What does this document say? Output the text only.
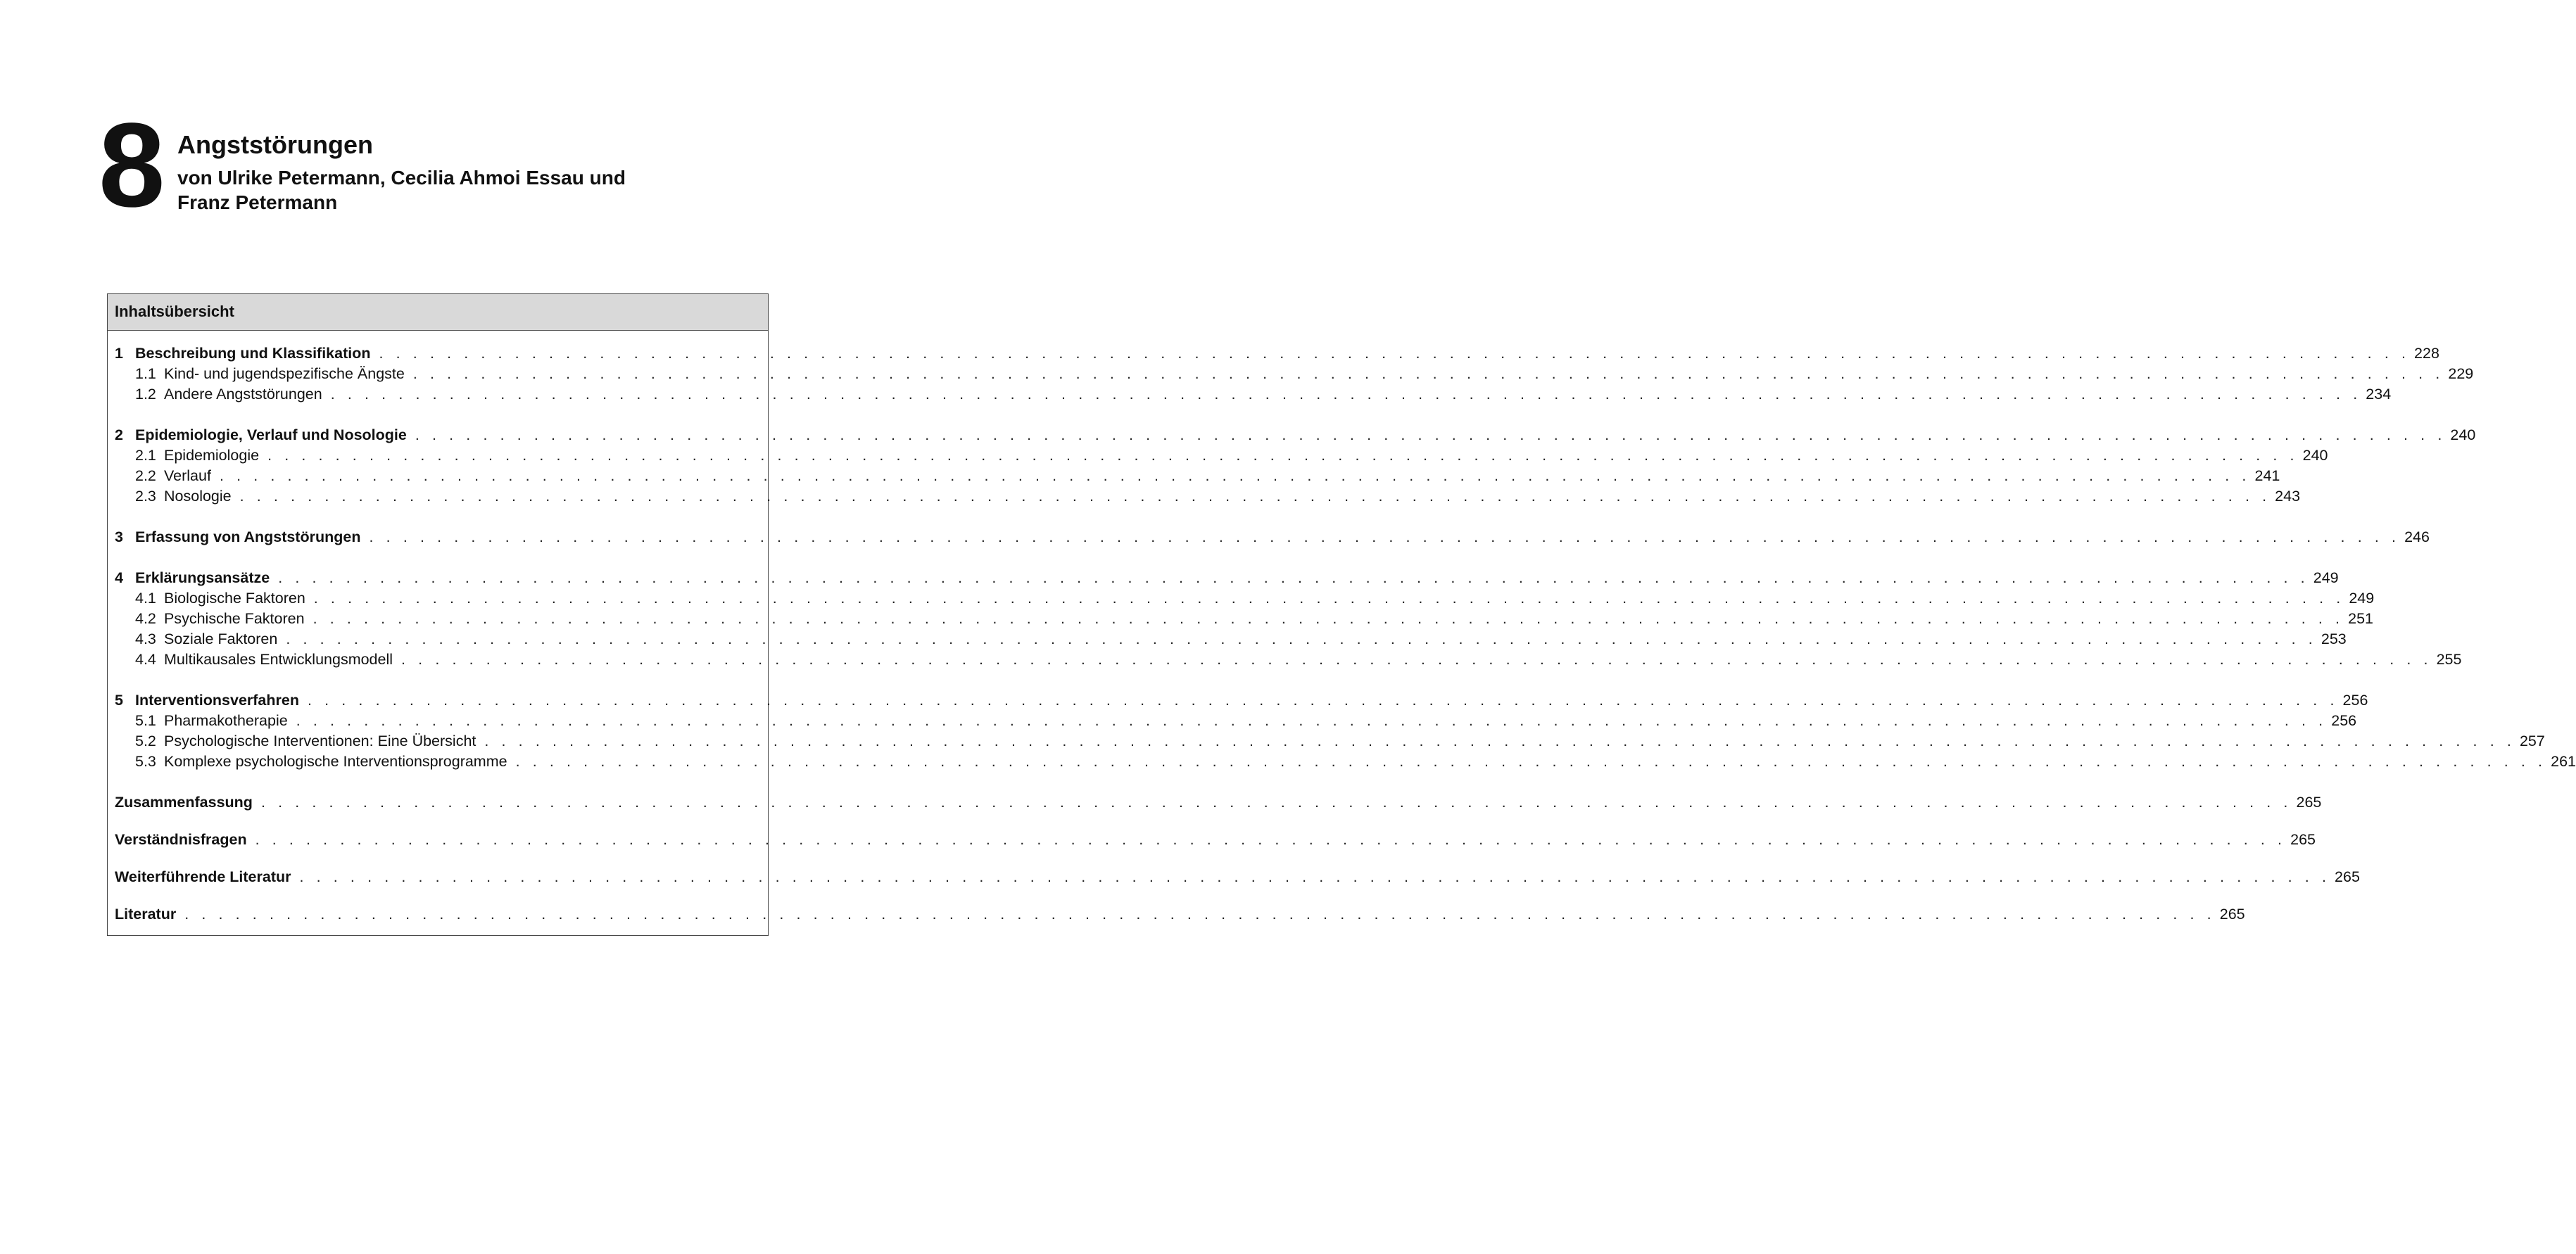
8 Angststörungen
von Ulrike Petermann, Cecilia Ahmoi Essau und
Franz Petermann
Inhaltsübersicht
1 Beschreibung und Klassifikation . . . . . . . . . . . . . . . . . . . . . . . . . . . . . . . . . . . . . . . . . . . . . . . . . . . . . . . . . . . . . . . . . . . . . . . . . . . . . . . . . . . . . . . . . . . . . . . . . . . . . . . . . . . . . . . . . . . . . . . . 228
1.1 Kind- und jugendspezifische Ängste . . . . . . . . . . . . . . . . . . . . . . . . . . . . . . . . . . . . . . . . . . . . . . . . . . . . . . . . . . . . . . . . . . . . . . . . . . . . . . . . . . . . . . . . . . . . . . . . . . . . . . . . . . . . . . . . . . . . . . . . 229
1.2 Andere Angststörungen . . . . . . . . . . . . . . . . . . . . . . . . . . . . . . . . . . . . . . . . . . . . . . . . . . . . . . . . . . . . . . . . . . . . . . . . . . . . . . . . . . . . . . . . . . . . . . . . . . . . . . . . . . . . . . . . . . . . . . . . 234
2 Epidemiologie, Verlauf und Nosologie . . . . . . . . . . . . . . . . . . . . . . . . . . . . . . . . . . . . . . . . . . . . . . . . . . . . . . . . . . . . . . . . . . . . . . . . . . . . . . . . . . . . . . . . . . . . . . . . . . . . . . . . . . . . . . . . . . . . . . . . 240
2.1 Epidemiologie . . . . . . . . . . . . . . . . . . . . . . . . . . . . . . . . . . . . . . . . . . . . . . . . . . . . . . . . . . . . . . . . . . . . . . . . . . . . . . . . . . . . . . . . . . . . . . . . . . . . . . . . . . . . . . . . . . . . . . . . 240
2.2 Verlauf . . . . . . . . . . . . . . . . . . . . . . . . . . . . . . . . . . . . . . . . . . . . . . . . . . . . . . . . . . . . . . . . . . . . . . . . . . . . . . . . . . . . . . . . . . . . . . . . . . . . . . . . . . . . . . . . . . . . . . . . 241
2.3 Nosologie . . . . . . . . . . . . . . . . . . . . . . . . . . . . . . . . . . . . . . . . . . . . . . . . . . . . . . . . . . . . . . . . . . . . . . . . . . . . . . . . . . . . . . . . . . . . . . . . . . . . . . . . . . . . . . . . . . . . . . . . 243
3 Erfassung von Angststörungen . . . . . . . . . . . . . . . . . . . . . . . . . . . . . . . . . . . . . . . . . . . . . . . . . . . . . . . . . . . . . . . . . . . . . . . . . . . . . . . . . . . . . . . . . . . . . . . . . . . . . . . . . . . . . . . . . . . . . . . . 246
4 Erklärungsansätze . . . . . . . . . . . . . . . . . . . . . . . . . . . . . . . . . . . . . . . . . . . . . . . . . . . . . . . . . . . . . . . . . . . . . . . . . . . . . . . . . . . . . . . . . . . . . . . . . . . . . . . . . . . . . . . . . . . . . . . . 249
4.1 Biologische Faktoren . . . . . . . . . . . . . . . . . . . . . . . . . . . . . . . . . . . . . . . . . . . . . . . . . . . . . . . . . . . . . . . . . . . . . . . . . . . . . . . . . . . . . . . . . . . . . . . . . . . . . . . . . . . . . . . . . . . . . . . . 249
4.2 Psychische Faktoren . . . . . . . . . . . . . . . . . . . . . . . . . . . . . . . . . . . . . . . . . . . . . . . . . . . . . . . . . . . . . . . . . . . . . . . . . . . . . . . . . . . . . . . . . . . . . . . . . . . . . . . . . . . . . . . . . . . . . . . . 251
4.3 Soziale Faktoren . . . . . . . . . . . . . . . . . . . . . . . . . . . . . . . . . . . . . . . . . . . . . . . . . . . . . . . . . . . . . . . . . . . . . . . . . . . . . . . . . . . . . . . . . . . . . . . . . . . . . . . . . . . . . . . . . . . . . . . . 253
4.4 Multikausales Entwicklungsmodell . . . . . . . . . . . . . . . . . . . . . . . . . . . . . . . . . . . . . . . . . . . . . . . . . . . . . . . . . . . . . . . . . . . . . . . . . . . . . . . . . . . . . . . . . . . . . . . . . . . . . . . . . . . . . . . . . . . . . . . . 255
5 Interventionsverfahren . . . . . . . . . . . . . . . . . . . . . . . . . . . . . . . . . . . . . . . . . . . . . . . . . . . . . . . . . . . . . . . . . . . . . . . . . . . . . . . . . . . . . . . . . . . . . . . . . . . . . . . . . . . . . . . . . . . . . . . . 256
5.1 Pharmakotherapie . . . . . . . . . . . . . . . . . . . . . . . . . . . . . . . . . . . . . . . . . . . . . . . . . . . . . . . . . . . . . . . . . . . . . . . . . . . . . . . . . . . . . . . . . . . . . . . . . . . . . . . . . . . . . . . . . . . . . . . . 256
5.2 Psychologische Interventionen: Eine Übersicht . . . . . . . . . . . . . . . . . . . . . . . . . . . . . . . . . . . . . . . . . . . . . . . . . . . . . . . . . . . . . . . . . . . . . . . . . . . . . . . . . . . . . . . . . . . . . . . . . . . . . . . . . . . . . . . . . . . . . . . . 257
5.3 Komplexe psychologische Interventionsprogramme . . . . . . . . . . . . . . . . . . . . . . . . . . . . . . . . . . . . . . . . . . . . . . . . . . . . . . . . . . . . . . . . . . . . . . . . . . . . . . . . . . . . . . . . . . . . . . . . . . . . . . . . . . . . . . . . . . . . . . . . 261
Zusammenfassung . . . . . . . . . . . . . . . . . . . . . . . . . . . . . . . . . . . . . . . . . . . . . . . . . . . . . . . . . . . . . . . . . . . . . . . . . . . . . . . . . . . . . . . . . . . . . . . . . . . . . . . . . . . . . . . . . . . . . . . . 265
Verständnisfragen . . . . . . . . . . . . . . . . . . . . . . . . . . . . . . . . . . . . . . . . . . . . . . . . . . . . . . . . . . . . . . . . . . . . . . . . . . . . . . . . . . . . . . . . . . . . . . . . . . . . . . . . . . . . . . . . . . . . . . . . 265
Weiterführende Literatur . . . . . . . . . . . . . . . . . . . . . . . . . . . . . . . . . . . . . . . . . . . . . . . . . . . . . . . . . . . . . . . . . . . . . . . . . . . . . . . . . . . . . . . . . . . . . . . . . . . . . . . . . . . . . . . . . . . . . . . . 265
Literatur . . . . . . . . . . . . . . . . . . . . . . . . . . . . . . . . . . . . . . . . . . . . . . . . . . . . . . . . . . . . . . . . . . . . . . . . . . . . . . . . . . . . . . . . . . . . . . . . . . . . . . . . . . . . . . . . . . . . . . . . 265
